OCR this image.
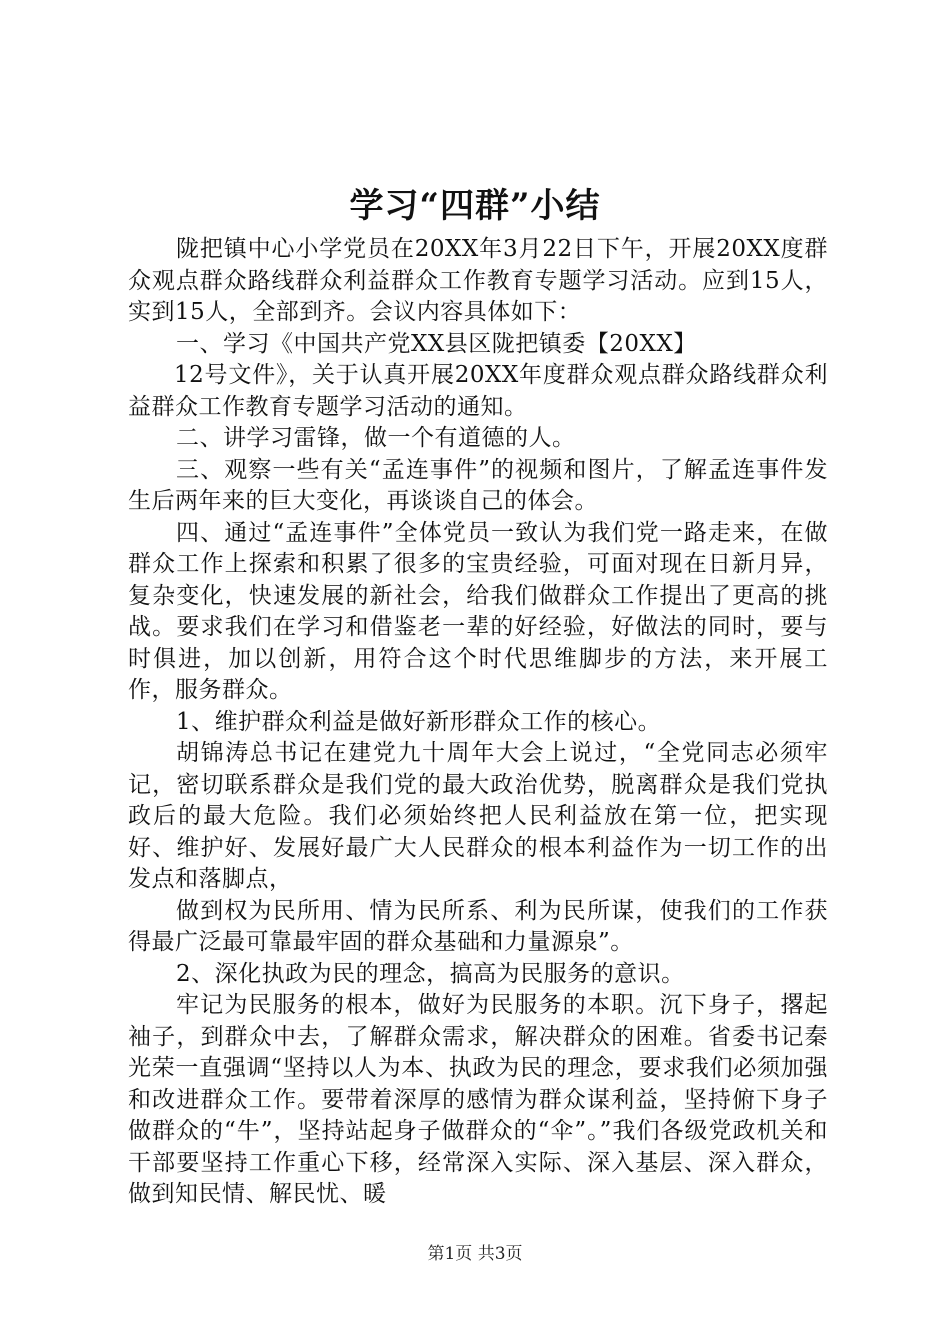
学习“四群”小结

陇把镇中心小学党员在20XX年3月22日下午，开展20XX度群众观点群众路线群众利益群众工作教育专题学习活动。应到15人，实到15人，全部到齐。会议内容具体如下：

一、学习《中国共产党XX县区陇把镇委【20XX】

12号文件》，关于认真开展20XX年度群众观点群众路线群众利益群众工作教育专题学习活动的通知。

二、讲学习雷锋，做一个有道德的人。

三、观察一些有关“孟连事件”的视频和图片，了解孟连事件发生后两年来的巨大变化，再谈谈自己的体会。

四、通过“孟连事件”全体党员一致认为我们党一路走来，在做群众工作上探索和积累了很多的宝贵经验，可面对现在日新月异，复杂变化，快速发展的新社会，给我们做群众工作提出了更高的挑战。要求我们在学习和借鉴老一辈的好经验，好做法的同时，要与时俱进，加以创新，用符合这个时代思维脚步的方法，来开展工作，服务群众。

1、维护群众利益是做好新形群众工作的核心。

胡锦涛总书记在建党九十周年大会上说过，“全党同志必须牢记，密切联系群众是我们党的最大政治优势，脱离群众是我们党执政后的最大危险。我们必须始终把人民利益放在第一位，把实现好、维护好、发展好最广大人民群众的根本利益作为一切工作的出发点和落脚点，

做到权为民所用、情为民所系、利为民所谋，使我们的工作获得最广泛最可靠最牢固的群众基础和力量源泉”。

2、深化执政为民的理念，搞高为民服务的意识。

牢记为民服务的根本，做好为民服务的本职。沉下身子，撂起袖子，到群众中去，了解群众需求，解决群众的困难。省委书记秦光荣一直强调“坚持以人为本、执政为民的理念，要求我们必须加强和改进群众工作。要带着深厚的感情为群众谋利益，坚持俯下身子做群众的“牛”，坚持站起身子做群众的“伞”。”我们各级党政机关和干部要坚持工作重心下移，经常深入实际、深入基层、深入群众，做到知民情、解民忧、暖

第1页 共3页
